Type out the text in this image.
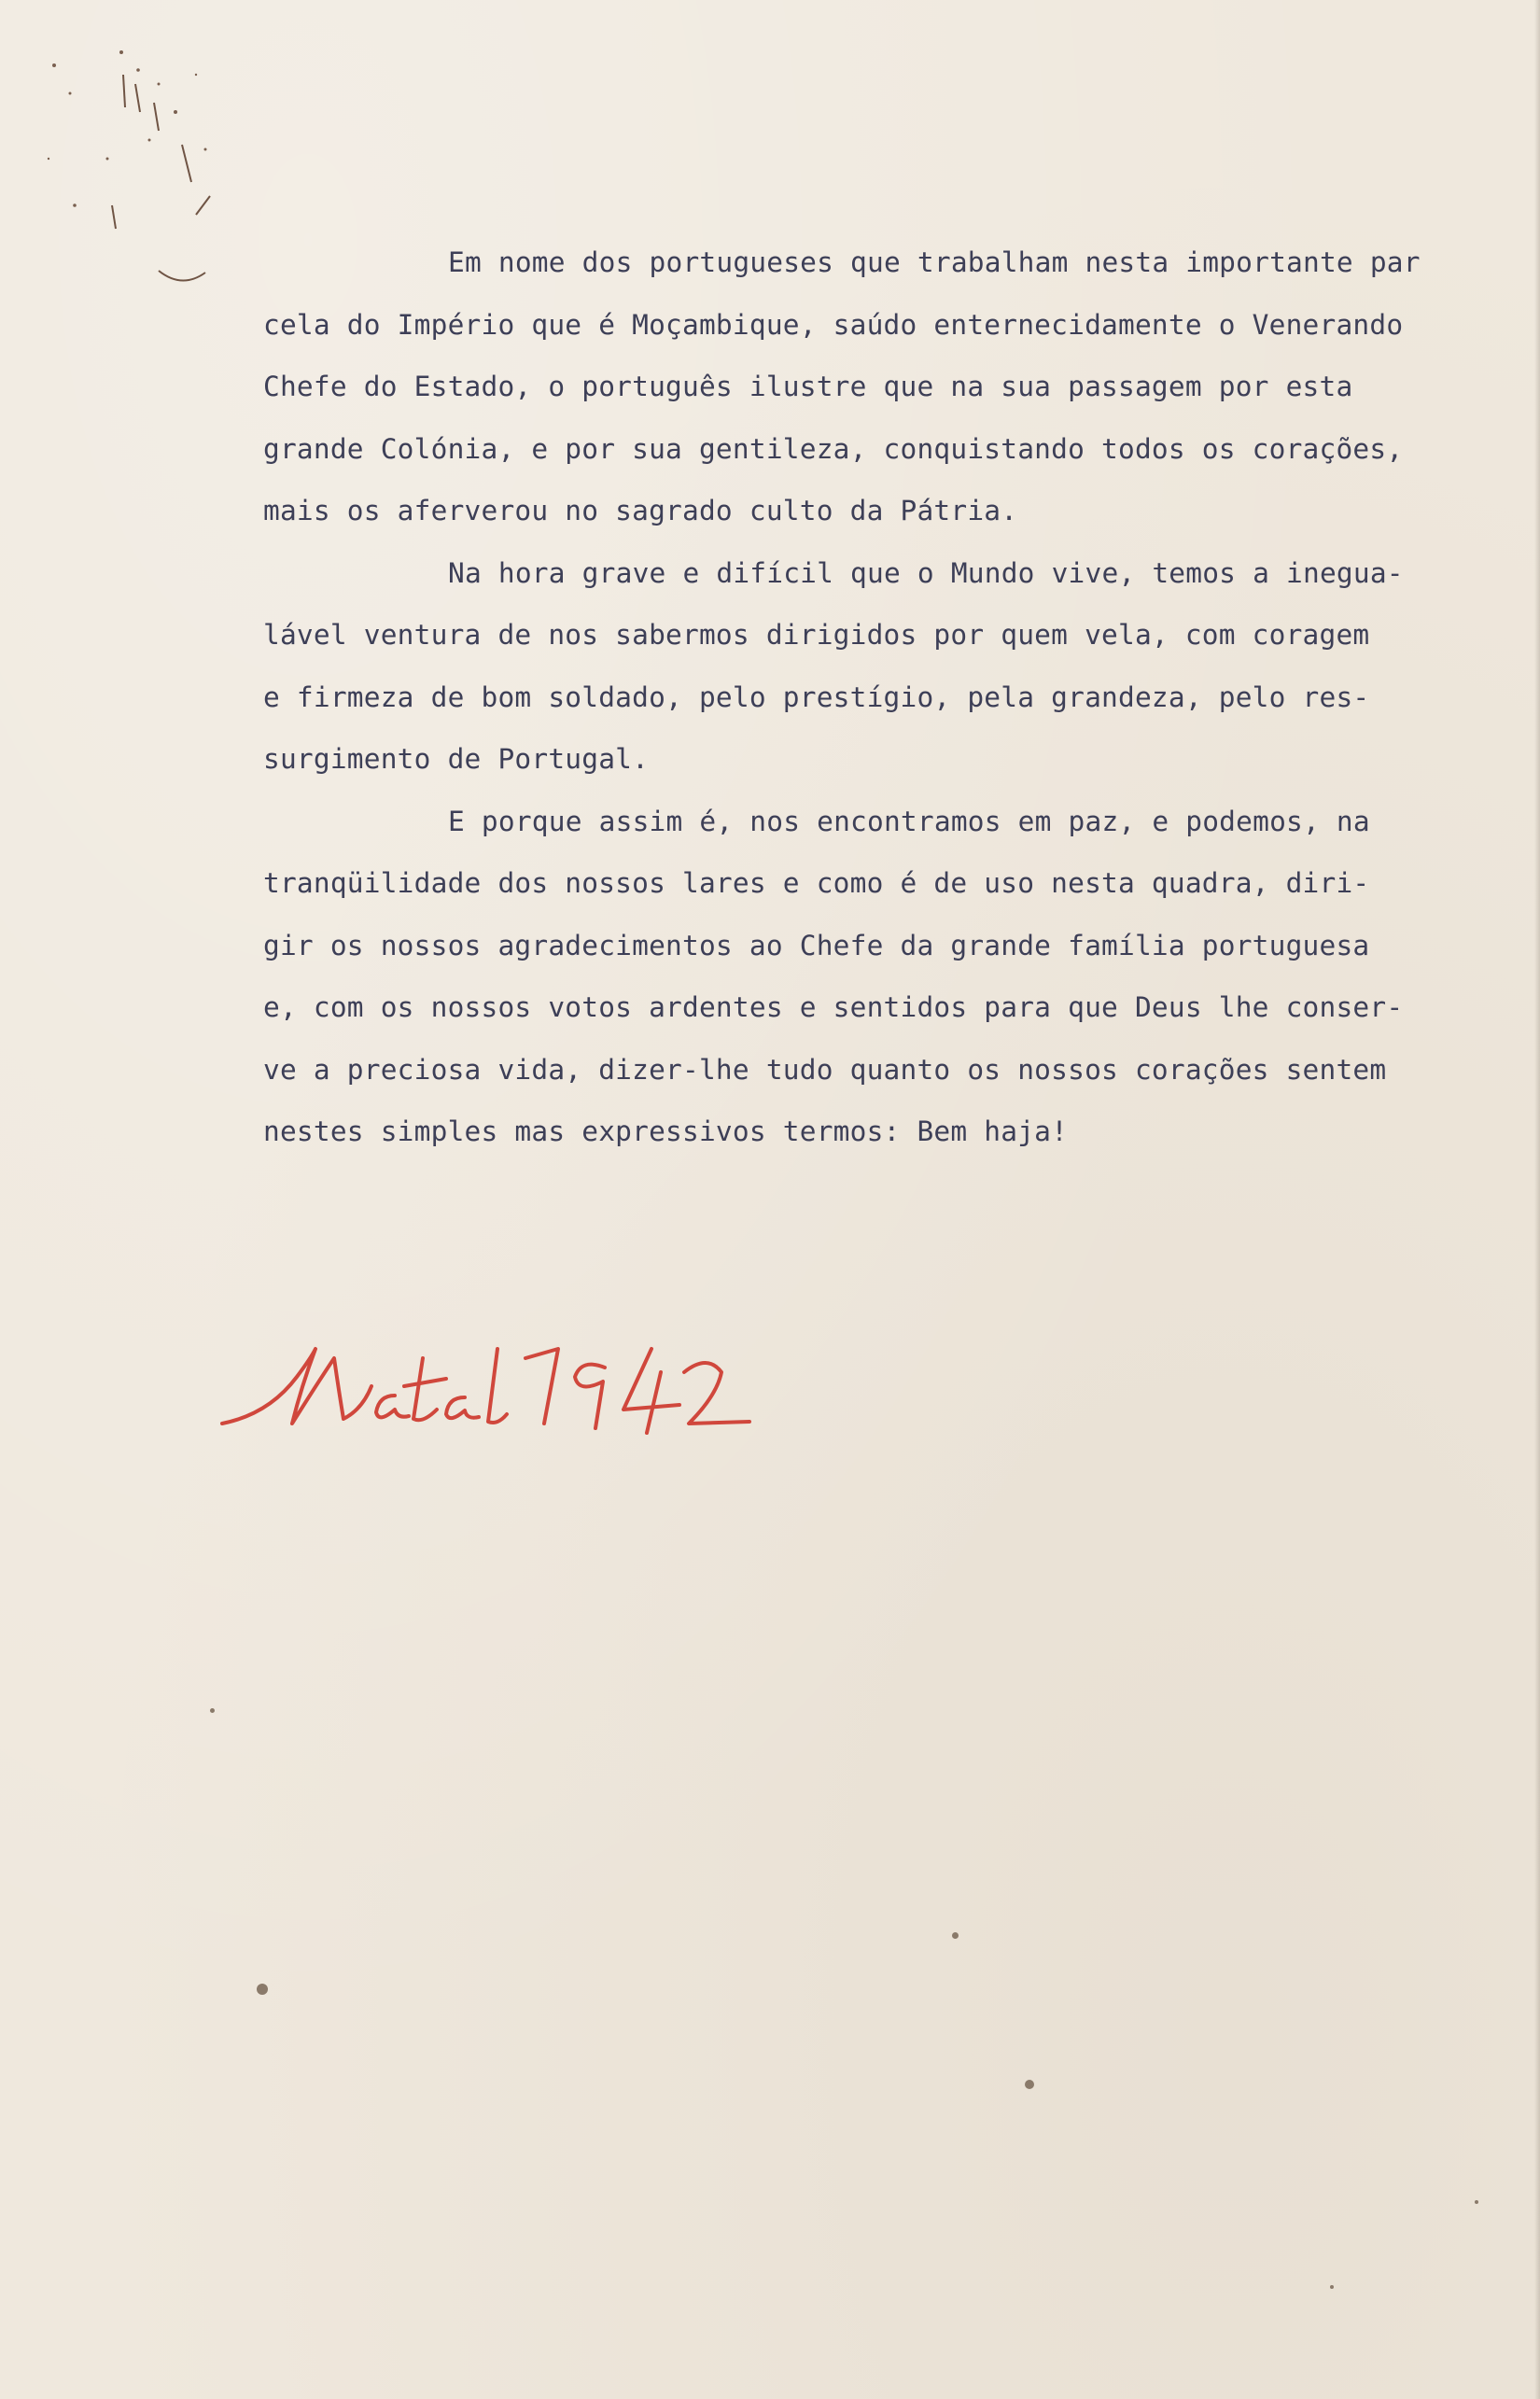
Em nome dos portugueses que trabalham nesta importante par
cela do Império que é Moçambique, saúdo enternecidamente o Venerando
Chefe do Estado, o português ilustre que na sua passagem por esta
grande Colónia, e por sua gentileza, conquistando todos os corações,
mais os aferverou no sagrado culto da Pátria.
Na hora grave e difícil que o Mundo vive, temos a inegua-
lável ventura de nos sabermos dirigidos por quem vela, com coragem
e firmeza de bom soldado, pelo prestígio, pela grandeza, pelo res-
surgimento de Portugal.
E porque assim é, nos encontramos em paz, e podemos, na
tranqüilidade dos nossos lares e como é de uso nesta quadra, diri-
gir os nossos agradecimentos ao Chefe da grande família portuguesa
e, com os nossos votos ardentes e sentidos para que Deus lhe conser-
ve a preciosa vida, dizer-lhe tudo quanto os nossos corações sentem
nestes simples mas expressivos termos: Bem haja!
